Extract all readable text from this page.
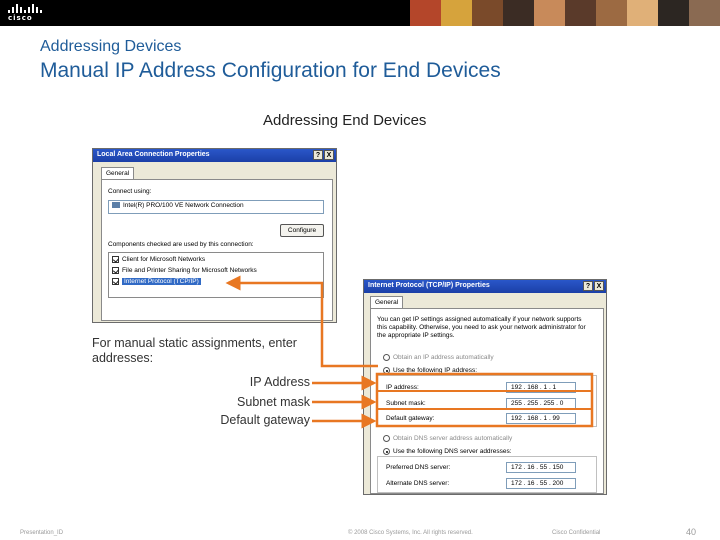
cisco
Addressing Devices
Manual IP Address Configuration for End Devices
Addressing End Devices
Local Area Connection Properties	? X
General
Connect using:
Intel(R) PRO/100 VE Network Connection
Configure
Components checked are used by this connection:
Client for Microsoft Networks
File and Printer Sharing for Microsoft Networks
Internet Protocol (TCP/IP)
Internet Protocol (TCP/IP) Properties	? X
General
You can get IP settings assigned automatically if your network supports
this capability. Otherwise, you need to ask your network administrator for
the appropriate IP settings.
Obtain an IP address automatically
Use the following IP address:
IP address:	192 . 168 . 1 . 1
Subnet mask:	255 . 255 . 255 . 0
Default gateway:	192 . 168 . 1 . 99
Obtain DNS server address automatically
Use the following DNS server addresses:
Preferred DNS server:	172 . 16 . 55 . 150
Alternate DNS server:	172 . 16 . 55 . 200
For manual static assignments, enter
addresses:
IP Address
Subnet mask
Default gateway
Presentation_ID	© 2008 Cisco Systems, Inc. All rights reserved.	Cisco Confidential	40
